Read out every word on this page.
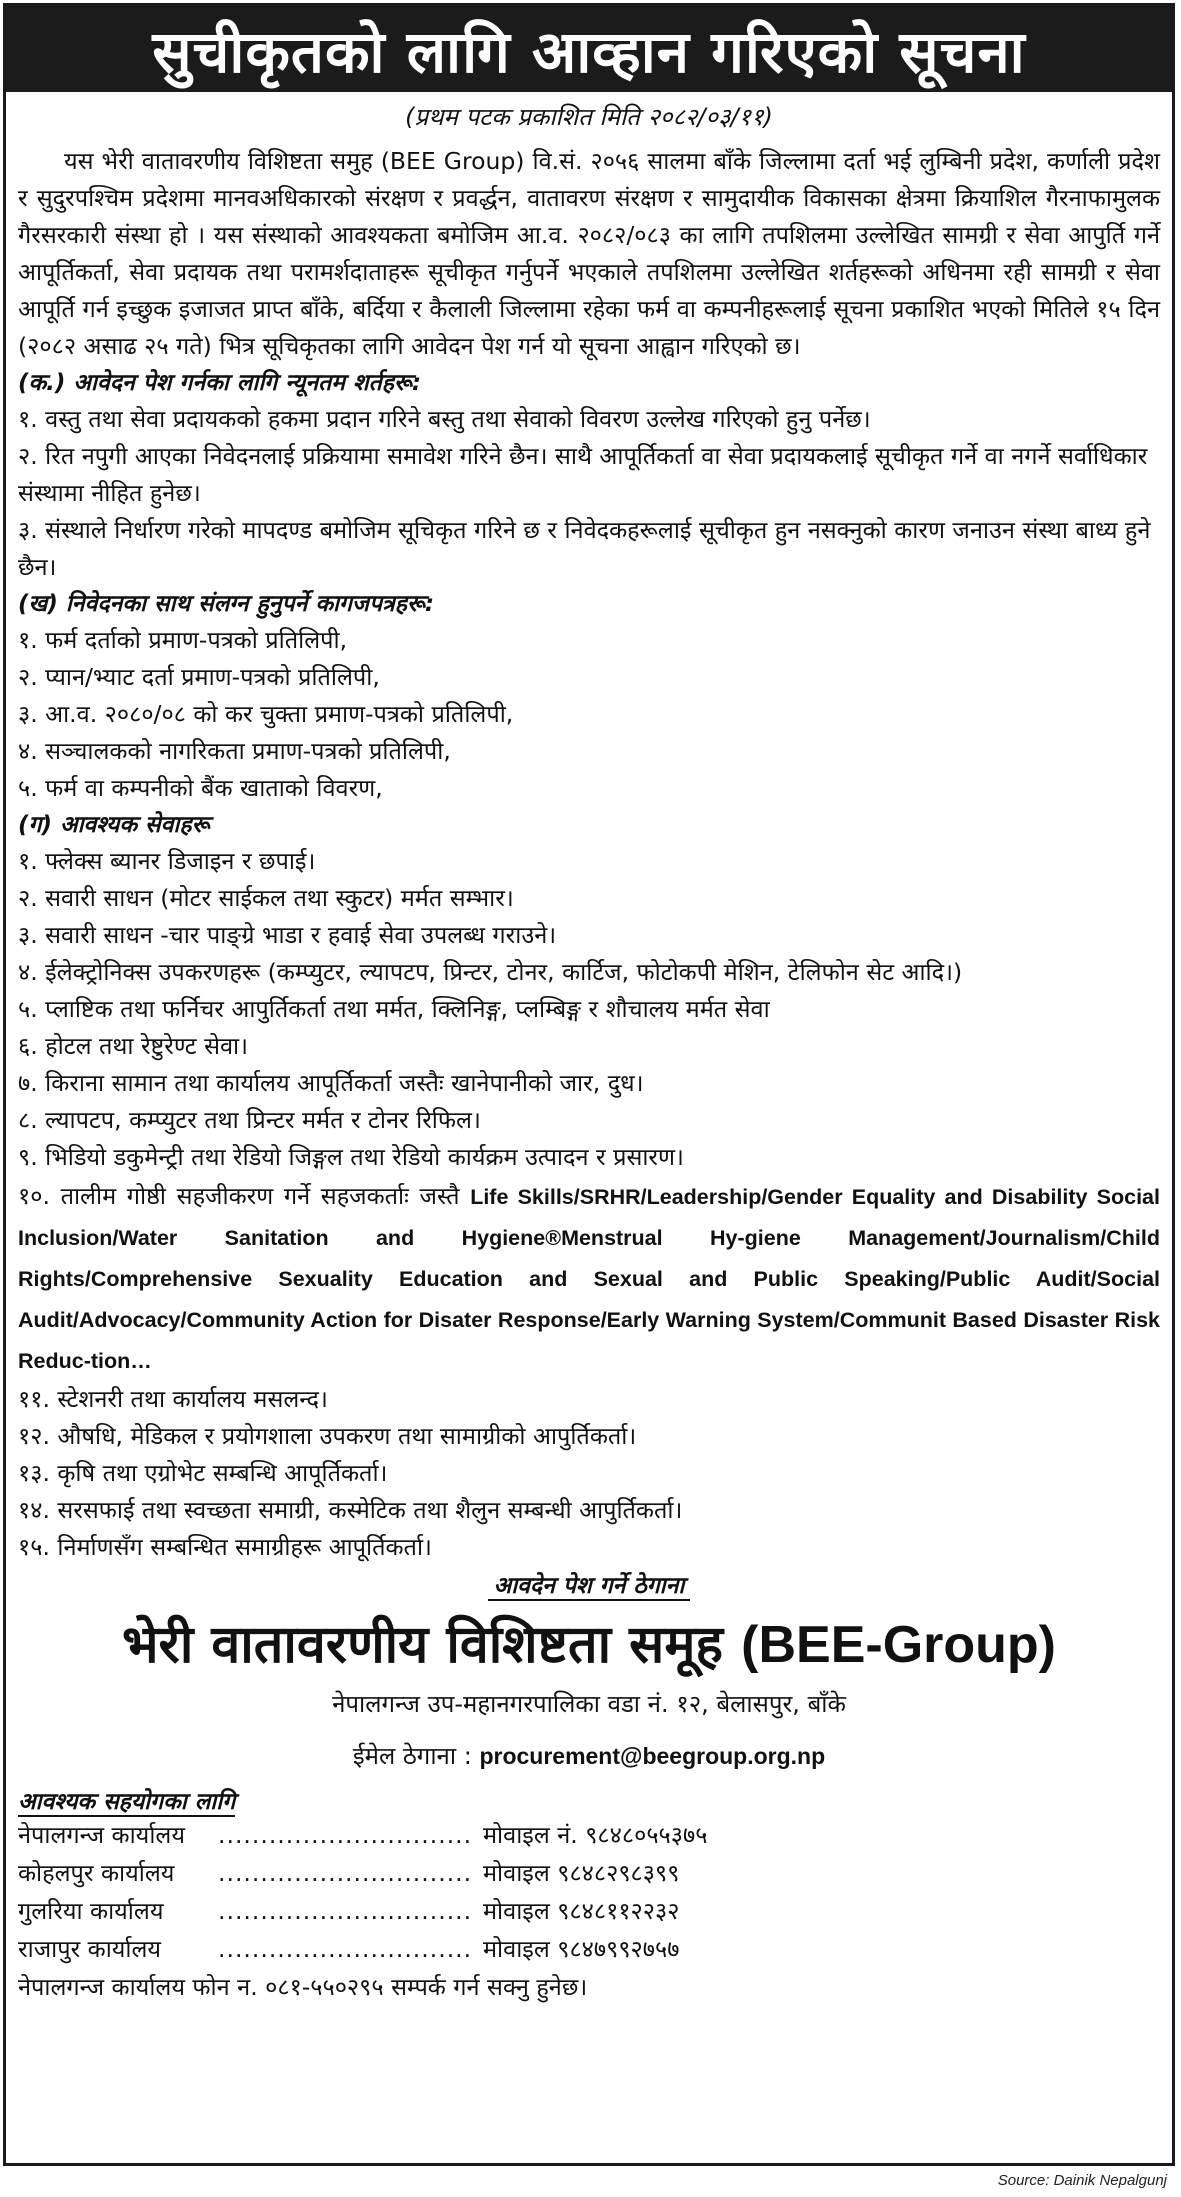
सुचीकृतको लागि आव्हान गरिएको सूचना
(प्रथम पटक प्रकाशित मिति २०८२/०३/११)

यस भेरी वातावरणीय विशिष्टता समुह (BEE Group) वि.सं. २०५६ सालमा बाँके जिल्लामा दर्ता भई लुम्बिनी प्रदेश, कर्णाली प्रदेश र सुदुरपश्चिम प्रदेशमा मानवअधिकारको संरक्षण र प्रवर्द्धन, वातावरण संरक्षण र सामुदायीक विकासका क्षेत्रमा क्रियाशिल गैरनाफामुलक गैरसरकारी संस्था हो । यस संस्थाको आवश्यकता बमोजिम आ.व. २०८२/०८३ का लागि तपशिलमा उल्लेखित सामग्री र सेवा आपुर्ति गर्ने आपूर्तिकर्ता, सेवा प्रदायक तथा परामर्शदाताहरू सूचीकृत गर्नुपर्ने भएकाले तपशिलमा उल्लेखित शर्तहरूको अधिनमा रही सामग्री र सेवा आपूर्ति गर्न इच्छुक इजाजत प्राप्त बाँके, बर्दिया र कैलाली जिल्लामा रहेका फर्म वा कम्पनीहरूलाई सूचना प्रकाशित भएको मितिले १५ दिन (२०८२ असाढ २५ गते) भित्र सूचिकृतका लागि आवेदन पेश गर्न यो सूचना आह्वान गरिएको छ।

(क.) आवेदन पेश गर्नका लागि न्यूनतम शर्तहरू:

१. वस्तु तथा सेवा प्रदायकको हकमा प्रदान गरिने बस्तु तथा सेवाको विवरण उल्लेख गरिएको हुनु पर्नेछ।

२. रित नपुगी आएका निवेदनलाई प्रक्रियामा समावेश गरिने छैन। साथै आपूर्तिकर्ता वा सेवा प्रदायकलाई सूचीकृत गर्ने वा नगर्ने सर्वाधिकार संस्थामा नीहित हुनेछ।

३. संस्थाले निर्धारण गरेको मापदण्ड बमोजिम सूचिकृत गरिने छ र निवेदकहरूलाई सूचीकृत हुन नसक्नुको कारण जनाउन संस्था बाध्य हुने छैन।

(ख) निवेदनका साथ संलग्न हुनुपर्ने कागजपत्रहरू:

१. फर्म दर्ताको प्रमाण-पत्रको प्रतिलिपी,

२. प्यान/भ्याट दर्ता प्रमाण-पत्रको प्रतिलिपी,

३. आ.व. २०८०/०८ को कर चुक्ता प्रमाण-पत्रको प्रतिलिपी,

४. सञ्चालकको नागरिकता प्रमाण-पत्रको प्रतिलिपी,

५. फर्म वा कम्पनीको बैंक खाताको विवरण,

(ग) आवश्यक सेवाहरू

१. फ्लेक्स ब्यानर डिजाइन र छपाई।

२. सवारी साधन (मोटर साईकल तथा स्कुटर) मर्मत सम्भार।

३. सवारी साधन -चार पाङ्ग्रे भाडा र हवाई सेवा उपलब्ध गराउने।

४. ईलेक्ट्रोनिक्स उपकरणहरू (कम्प्युटर, ल्यापटप, प्रिन्टर, टोनर, कार्टिज, फोटोकपी मेशिन, टेलिफोन सेट आदि।)

५. प्लाष्टिक तथा फर्निचर आपुर्तिकर्ता तथा मर्मत, क्लिनिङ्ग, प्लम्बिङ्ग र शौचालय मर्मत सेवा

६. होटल तथा रेष्टुरेण्ट सेवा।

७. किराना सामान तथा कार्यालय आपूर्तिकर्ता जस्तैः खानेपानीको जार, दुध।

८. ल्यापटप, कम्प्युटर तथा प्रिन्टर मर्मत र टोनर रिफिल।

९. भिडियो डकुमेन्ट्री तथा रेडियो जिङ्गल तथा रेडियो कार्यक्रम उत्पादन र प्रसारण।

१०. तालीम गोष्ठी सहजीकरण गर्ने सहजकर्ताः जस्तै Life Skills/SRHR/Leadership/Gender Equality and Disability Social Inclusion/Water Sanitation and Hygiene®Menstrual Hy-giene Management/Journalism/Child Rights/Comprehensive Sexuality Education and Sexual and Public Speaking/Public Audit/Social Audit/Advocacy/Community Action for Disater Response/Early Warning System/Communit Based Disaster Risk Reduc-tion…

११. स्टेशनरी तथा कार्यालय मसलन्द।

१२. औषधि, मेडिकल र प्रयोगशाला उपकरण तथा सामाग्रीको आपुर्तिकर्ता।

१३. कृषि तथा एग्रोभेट सम्बन्धि आपूर्तिकर्ता।

१४. सरसफाई तथा स्वच्छता समाग्री, कस्मेटिक तथा शैलुन सम्बन्धी आपुर्तिकर्ता।

१५. निर्माणसँग सम्बन्धित समाग्रीहरू आपूर्तिकर्ता।

आवदेन पेश गर्ने ठेगाना
भेरी वातावरणीय विशिष्टता समूह (BEE-Group)
नेपालगन्ज उप-महानगरपालिका वडा नं. १२, बेलासपुर, बाँके
ईमेल ठेगाना : procurement@beegroup.org.np
आवश्यक सहयोगका लागि

नेपालगन्ज कार्यालय .............................. मोवाइल नं. ९८४८०५५३७५

कोहलपुर कार्यालय .............................. मोवाइल ९८४८२९८३९९

गुलरिया कार्यालय .............................. मोवाइल ९८४८११२२३२

राजापुर कार्यालय .............................. मोवाइल ९८४७९९२७५७

नेपालगन्ज कार्यालय फोन न. ०८१-५५०२९५ सम्पर्क गर्न सक्नु हुनेछ।

Source: Dainik Nepalgunj
